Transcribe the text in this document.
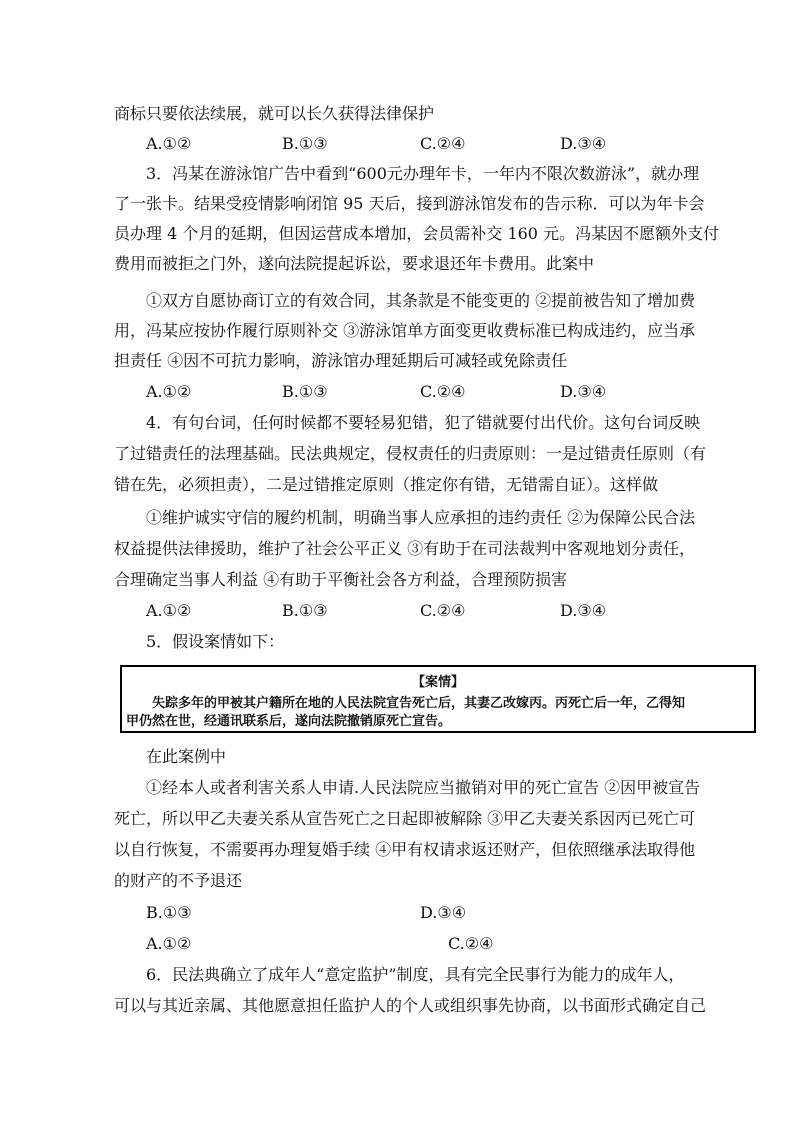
商标只要依法续展，就可以长久获得法律保护
A.①②	B.①③	C.②④	D.③④
3．冯某在游泳馆广告中看到“600元办理年卡，一年内不限次数游泳”，就办理
了一张卡。结果受疫情影响闭馆 95 天后，接到游泳馆发布的告示称．可以为年卡会
员办理 4 个月的延期，但因运营成本增加，会员需补交 160 元。冯某因不愿额外支付
费用而被拒之门外，遂向法院提起诉讼，要求退还年卡费用。此案中
①双方自愿协商订立的有效合同，其条款是不能变更的 ②提前被告知了增加费
用，冯某应按协作履行原则补交 ③游泳馆单方面变更收费标准已构成违约，应当承
担责任 ④因不可抗力影响，游泳馆办理延期后可减轻或免除责任
A.①②	B.①③	C.②④	D.③④
4．有句台词，任何时候都不要轻易犯错，犯了错就要付出代价。这句台词反映
了过错责任的法理基础。民法典规定，侵权责任的归责原则：一是过错责任原则（有
错在先，必须担责），二是过错推定原则（推定你有错，无错需自证）。这样做
①维护诚实守信的履约机制，明确当事人应承担的违约责任 ②为保障公民合法
权益提供法律援助，维护了社会公平正义 ③有助于在司法裁判中客观地划分责任，
合理确定当事人利益 ④有助于平衡社会各方利益，合理预防损害
A.①②	B.①③	C.②④	D.③④
5．假设案情如下：
【案情】
失踪多年的甲被其户籍所在地的人民法院宣告死亡后，其妻乙改嫁丙。丙死亡后一年，乙得知
甲仍然在世，经通讯联系后，遂向法院撤销原死亡宣告。
在此案例中
①经本人或者利害关系人申请.人民法院应当撤销对甲的死亡宣告 ②因甲被宣告
死亡，所以甲乙夫妻关系从宣告死亡之日起即被解除 ③甲乙夫妻关系因丙已死亡可
以自行恢复，不需要再办理复婚手续 ④甲有权请求返还财产，但依照继承法取得他
的财产的不予退还
B.①③	D.③④
A.①②	C.②④
6．民法典确立了成年人“意定监护”制度，具有完全民事行为能力的成年人，
可以与其近亲属、其他愿意担任监护人的个人或组织事先协商，以书面形式确定自己
